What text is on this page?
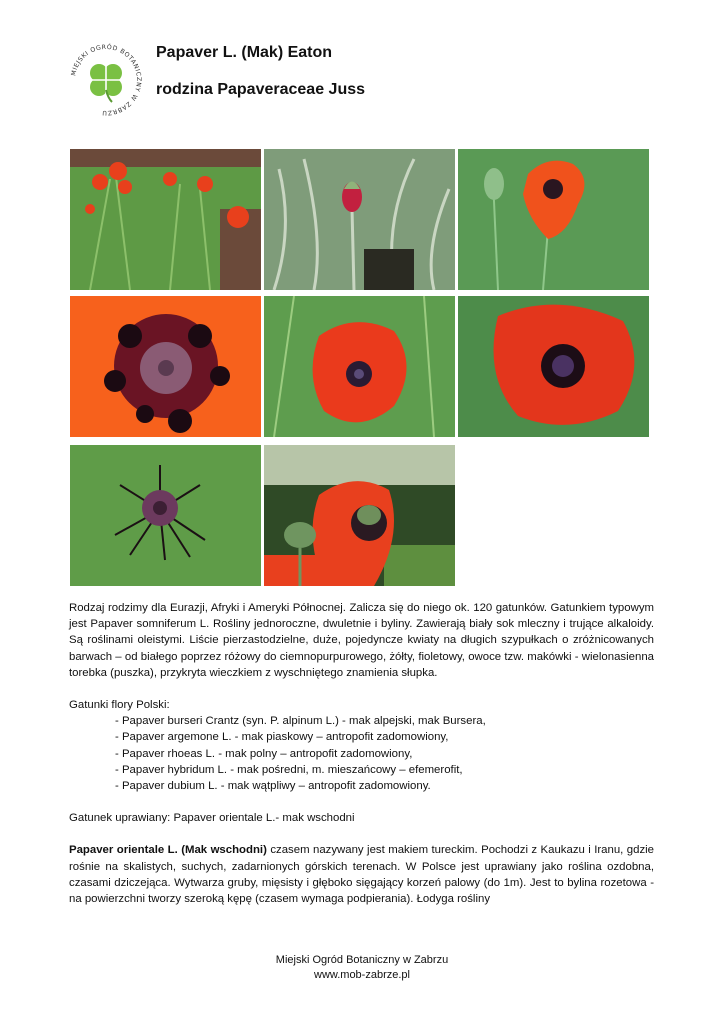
MIEJSKI OGRÓD BOTANICZNY W ZABRZU
Papaver L. (Mak) Eaton
rodzina Papaveraceae Juss

Rodzaj rodzimy dla Eurazji, Afryki i Ameryki Północnej. Zalicza się do niego ok. 120 gatunków. Gatunkiem typowym jest Papaver somniferum L. Rośliny jednoroczne, dwuletnie i byliny. Zawierają biały sok mleczny i trujące alkaloidy. Są roślinami oleistymi. Liście pierzastodzielne, duże, pojedyncze kwiaty na długich szypułkach o zróżnicowanych barwach – od białego poprzez różowy do ciemnopurpurowego, żółty, fioletowy, owoce tzw. makówki - wielonasienna torebka (puszka), przykryta wieczkiem z wyschniętego znamienia słupka.

Gatunki flory Polski:

- Papaver burseri Crantz (syn. P. alpinum L.) - mak alpejski, mak Bursera,
- Papaver argemone L. - mak piaskowy – antropofit zadomowiony,
- Papaver rhoeas L. - mak polny – antropofit zadomowiony,
- Papaver hybridum L. - mak pośredni, m. mieszańcowy – efemerofit,
- Papaver dubium L. - mak wątpliwy – antropofit zadomowiony.

Gatunek uprawiany: Papaver orientale L.- mak wschodni

Papaver orientale L. (Mak wschodni) czasem nazywany jest makiem tureckim. Pochodzi z Kaukazu i Iranu, gdzie rośnie na skalistych, suchych, zadarnionych górskich terenach. W Polsce jest uprawiany jako roślina ozdobna, czasami dziczejąca. Wytwarza gruby, mięsisty i głęboko sięgający korzeń palowy (do 1m). Jest to bylina rozetowa - na powierzchni tworzy szeroką kępę (czasem wymaga podpierania). Łodyga rośliny

Miejski Ogród Botaniczny w Zabrzu
www.mob-zabrze.pl
